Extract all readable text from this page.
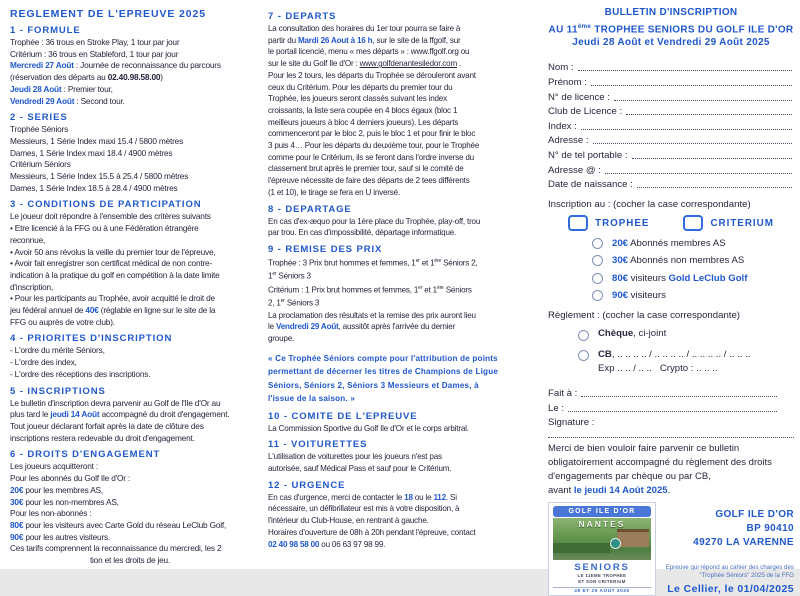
REGLEMENT DE L'EPREUVE 2025
1 - FORMULE
Trophée : 36 trous en Stroke Play, 1 tour par jour
Critérium : 36 trous en Stableford, 1 tour par jour
Mercredi 27 Août : Journée de reconnaissance du parcours
(réservation des départs au 02.40.98.58.00)
Jeudi 28 Août : Premier tour,
Vendredi 29 Août : Second tour.
2 - SERIES
Trophée Séniors
Messieurs, 1 Série Index maxi 15.4 / 5800 mètres
Dames, 1 Série Index maxi 18.4 / 4900 mètres
Critérium Séniors
Messieurs, 1 Série Index 15.5 à 25.4 / 5800 mètres
Dames, 1 Série Index 18.5 à 28.4 / 4900 mètres
3 - CONDITIONS DE PARTICIPATION
Le joueur doit répondre à l'ensemble des critères suivants
• Etre licencié à la FFG ou à une Fédération étrangère
reconnue,
• Avoir 50 ans révolus la veille du premier tour de l'épreuve,
• Avoir fait enregistrer son certificat médical de non contre-
indication à la pratique du golf en compétition à la date limite
d'inscription,
• Pour les participants au Trophée, avoir acquitté le droit de
jeu fédéral annuel de 40€ (réglable en ligne sur le site de la
FFG ou auprès de votre club).
4 - PRIORITES D'INSCRIPTION
- L'ordre du mérite Séniors,
- L'ordre des index,
- L'ordre des réceptions des inscriptions.
5 - INSCRIPTIONS
Le bulletin d'inscription devra parvenir au Golf de l'Ile d'Or au
plus tard le jeudi 14 Août accompagné du droit d'engagement.
Tout joueur déclarant forfait après la date de clôture des
inscriptions restera redevable du droit d'engagement.
6 - DROITS D'ENGAGEMENT
Les joueurs acquitteront :
Pour les abonnés du Golf Ile d'Or :
20€ pour les membres AS,
30€ pour les non-membres AS,
Pour les non-abonnés :
80€ pour les visiteurs avec Carte Gold du réseau LeClub Golf,
90€ pour les autres visiteurs.
Ces tarifs comprennent la reconnaissance du mercredi, les 2
tion et les droits de jeu.
7 - DEPARTS
La consultation des horaires du 1er tour pourra se faire à
partir du Mardi 26 Aout à 16 h, sur le site de la ffgolf, sur
le portail licencié, menu « mes départs » : www.ffgolf.org ou
sur le site du Golf Ile d'Or : www.golfdenantesiledor.com .
Pour les 2 tours, les départs du Trophée se dérouleront avant
ceux du Critérium. Pour les départs du premier tour du
Trophée, les joueurs seront classés suivant les index
croissants, la liste sera coupée en 4 blocs égaux (bloc 1
meilleurs joueurs à bloc 4 derniers joueurs). Les départs
commenceront par le bloc 2, puis le bloc 1 et pour finir le bloc
3 puis 4… Pour les départs du deuxième tour, pour le Trophée
comme pour le Critérium, ils se feront dans l'ordre inverse du
classement brut après le premier tour, sauf si le comité de
l'épreuve nécessite de faire des départs de 2 tees différents
(1 et 10), le tirage se fera en U inversé.
8 - DEPARTAGE
En cas d'ex-æquo pour la 1ère place du Trophée, play-off, trou
par trou. En cas d'impossibilité, départage informatique.
9 - REMISE DES PRIX
Trophée : 3 Prix brut hommes et femmes, 1er et 1ère Séniors 2,
1er Séniors 3
Critérium : 1 Prix brut hommes et femmes, 1er et 1ère Séniors
2, 1er Séniors 3
La proclamation des résultats et la remise des prix auront lieu
le Vendredi 29 Août, aussitôt après l'arrivée du dernier
groupe.
« Ce Trophée Séniors compte pour l'attribution de points
permettant de décerner les titres de Champions de Ligue
Séniors, Séniors 2, Séniors 3 Messieurs et Dames, à
l'issue de la saison. »
10 - COMITE DE L'EPREUVE
La Commission Sportive du Golf Ile d'Or et le corps arbitral.
11 - VOITURETTES
L'utilisation de voiturettes pour les joueurs n'est pas
autorisée, sauf Médical Pass et sauf pour le Critérium.
12 - URGENCE
En cas d'urgence, merci de contacter le 18 ou le 112. Si
nécessaire, un défibrillateur est mis à votre disposition, à
l'intérieur du Club-House, en rentrant à gauche.
Horaires d'ouverture de 08h à 20h pendant l'épreuve, contact
02 40 98 58 00 ou 06 63 97 98 99.
BULLETIN D'INSCRIPTION
AU 11ème TROPHEE SENIORS DU GOLF ILE D'OR
Jeudi 28 Août et Vendredi 29 Août 2025
Nom :
Prénom :
N° de licence :
Club de Licence :
Index :
Adresse :
N° de tel portable :
Adresse @ :
Date de naissance :
Inscription au : (cocher la case correspondante)
TROPHEE	CRITERIUM
20€ Abonnés membres AS
30€ Abonnés non membres AS
80€ visiteurs Gold LeClub Golf
90€ visiteurs
Règlement : (cocher la case correspondante)
Chèque, ci-joint
CB, .. .. .. .. / .. .. .. .. / .. .. .. .. / .. .. ..
Exp .. .. / .. ..   Crypto : .. .. ..
Fait à :
Le :
Signature :
Merci de bien vouloir faire parvenir ce bulletin
obligatoirement accompagné du règlement des droits
d'engagements par chèque ou par CB,
avant le jeudi 14 Août 2025.
GOLF ILE D'OR
NANTES
SENIORS
LE 11EME TROPHEE
ET SON CRITERIUM
28 ET 29 AOUT 2025
GOLF ILE D'OR
BP 90410
49270 LA VARENNE
Epreuve qui répond au cahier des charges des
"Trophée Séniors" 2025 de la FFG
Le Cellier, le 01/04/2025
